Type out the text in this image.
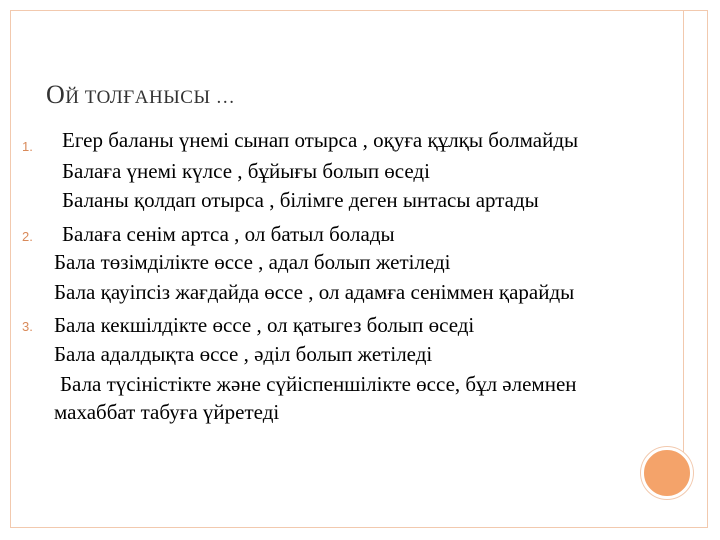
ОЙ ТОЛҒАНЫСЫ …
1. Егер баланы үнемі сынап отырса , оқуға құлқы болмайды
Балаға үнемі күлсе , бұйығы болып өседі
Баланы қолдап отырса , білімге деген ынтасы артады
2. Балаға сенім артса , ол батыл болады
Бала төзімділікте өссе , адал болып жетіледі
Бала қауіпсіз жағдайда өссе , ол адамға сеніммен қарайды
3. Бала кекшілдікте өссе , ол қатыгез болып өседі
Бала адалдықта өссе , әділ болып жетіледі
Бала түсіністікте және сүйіспеншілікте өссе, бұл әлемнен
махаббат табуға үйретеді
